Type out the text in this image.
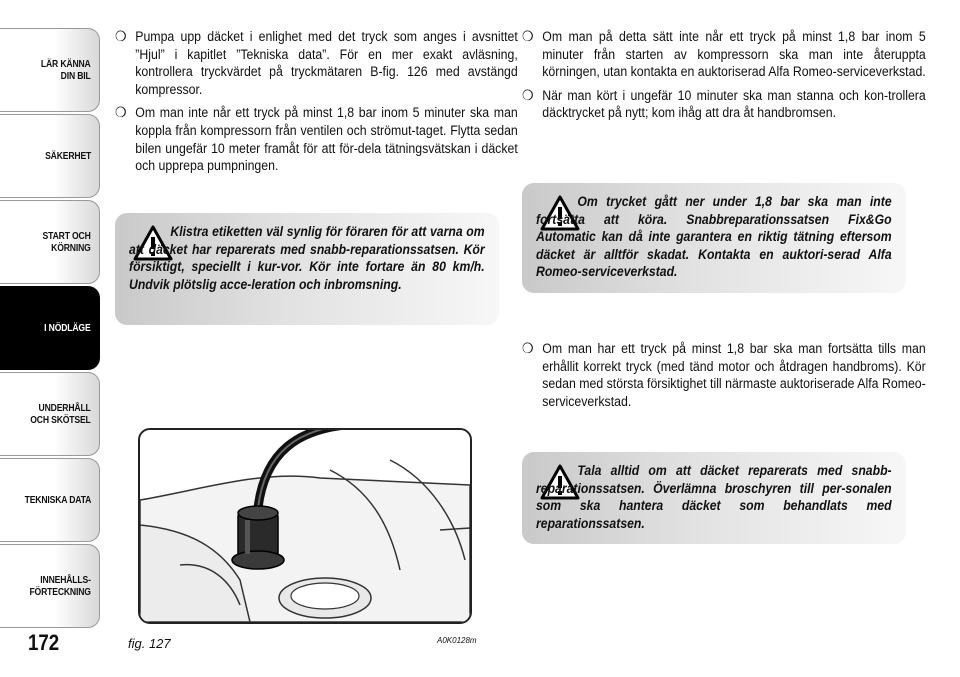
LÄR KÄNNA
DIN BIL
SÄKERHET
START OCH
KÖRNING
I NÖDLÄGE
UNDERHÅLL
OCH SKÖTSEL
TEKNISKA DATA
INNEHÅLLS-
FÖRTECKNING
172

❍ Pumpa upp däcket i enlighet med det tryck som anges i avsnittet ”Hjul” i kapitlet ”Tekniska data”. För en mer exakt avläsning, kontrollera tryckvärdet på tryckmätaren B-fig. 126 med avstängd kompressor.

❍ Om man inte når ett tryck på minst 1,8 bar inom 5 minuter ska man koppla från kompressorn från ventilen och strömut-taget. Flytta sedan bilen ungefär 10 meter framåt för att för-dela tätningsvätskan i däcket och upprepa pumpningen.

Klistra etiketten väl synlig för föraren för att varna om att däcket har reparerats med snabb-reparationssatsen. Kör försiktigt, speciellt i kur-vor. Kör inte fortare än 80 km/h. Undvik plötslig acce-leration och inbromsning.

fig. 127	A0K0128m

❍ Om man på detta sätt inte når ett tryck på minst 1,8 bar inom 5 minuter från starten av kompressorn ska man inte återuppta körningen, utan kontakta en auktoriserad Alfa Romeo-serviceverkstad.

❍ När man kört i ungefär 10 minuter ska man stanna och kon-trollera däcktrycket på nytt; kom ihåg att dra åt handbromsen.

Om trycket gått ner under 1,8 bar ska man inte fortsätta att köra. Snabbreparationssatsen Fix&Go Automatic kan då inte garantera en riktig tätning eftersom däcket är alltför skadat. Kontakta en auktori-serad Alfa Romeo-serviceverkstad.

❍ Om man har ett tryck på minst 1,8 bar ska man fortsätta tills man erhållit korrekt tryck (med tänd motor och åtdragen handbroms). Kör sedan med största försiktighet till närmaste auktoriserade Alfa Romeo-serviceverkstad.

Tala alltid om att däcket reparerats med snabb-reparationssatsen. Överlämna broschyren till per-sonalen som ska hantera däcket som behandlats med reparationssatsen.
